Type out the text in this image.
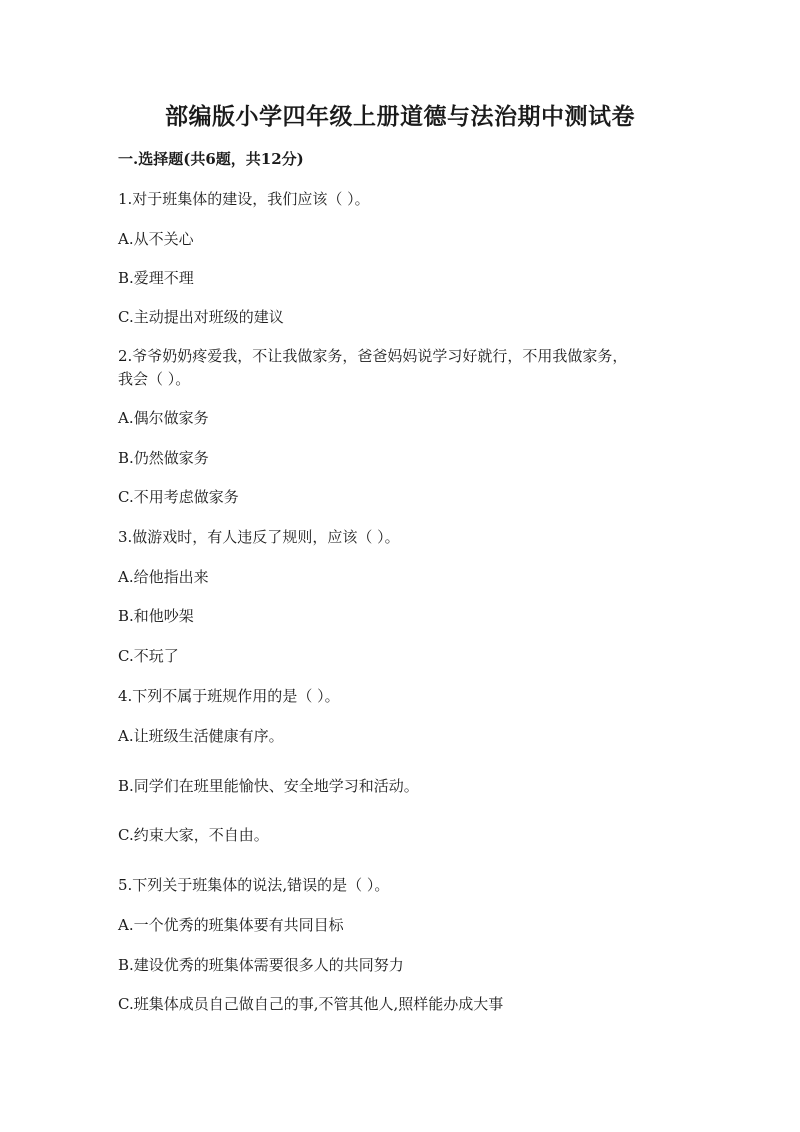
部编版小学四年级上册道德与法治期中测试卷
一.选择题(共6题，共12分)
1.对于班集体的建设，我们应该（ ）。
A.从不关心
B.爱理不理
C.主动提出对班级的建议
2.爷爷奶奶疼爱我，不让我做家务，爸爸妈妈说学习好就行，不用我做家务，
我会（ ）。
A.偶尔做家务
B.仍然做家务
C.不用考虑做家务
3.做游戏时，有人违反了规则，应该（ ）。
A.给他指出来
B.和他吵架
C.不玩了
4.下列不属于班规作用的是（ ）。
A.让班级生活健康有序。
B.同学们在班里能愉快、安全地学习和活动。
C.约束大家，不自由。
5.下列关于班集体的说法,错误的是（ ）。
A.一个优秀的班集体要有共同目标
B.建设优秀的班集体需要很多人的共同努力
C.班集体成员自己做自己的事,不管其他人,照样能办成大事
